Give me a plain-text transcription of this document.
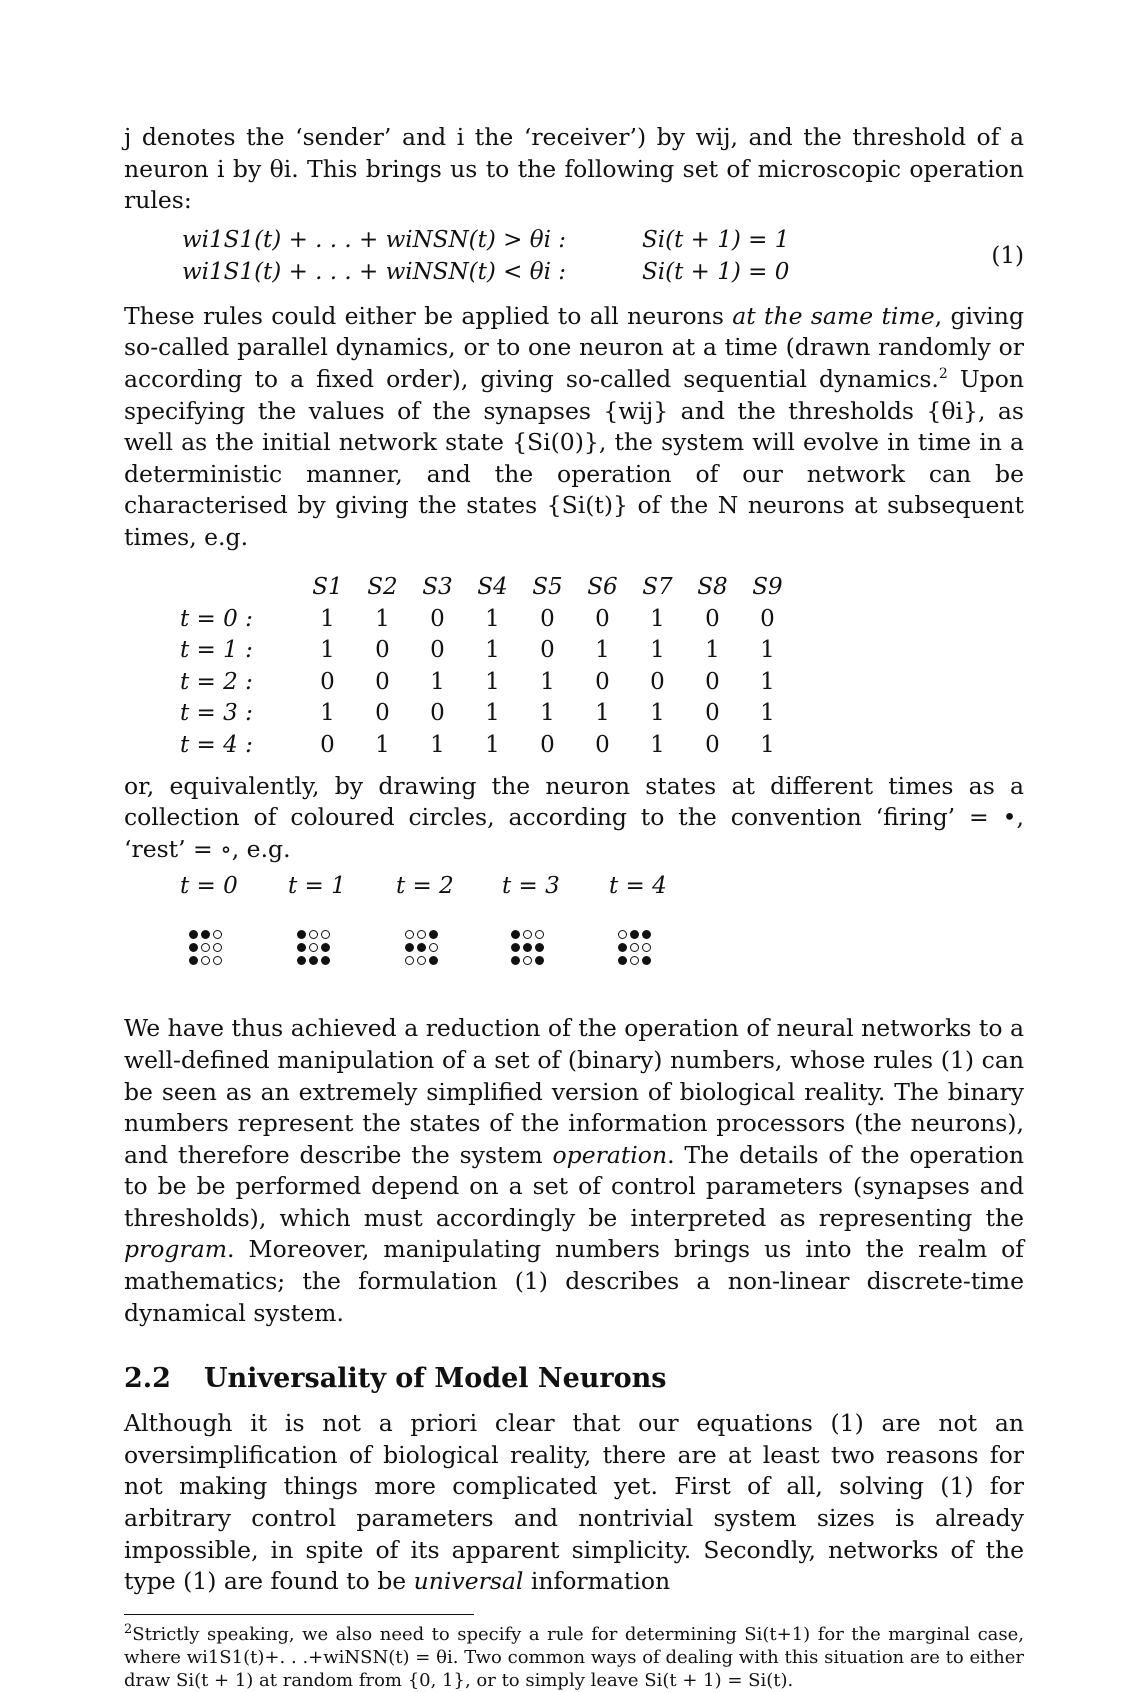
j denotes the ‘sender’ and i the ‘receiver’) by wij, and the threshold of a neuron i by θi. This brings us to the following set of microscopic operation rules:

wi1S1(t) + . . . + wiNSN(t) > θi :	Si(t + 1) = 1
wi1S1(t) + . . . + wiNSN(t) < θi :	Si(t + 1) = 0
(1)

These rules could either be applied to all neurons at the same time, giving so-called parallel dynamics, or to one neuron at a time (drawn randomly or according to a fixed order), giving so-called sequential dynamics.$^2$ Upon specifying the values of the synapses {wij} and the thresholds {θi}, as well as the initial network state {Si(0)}, the system will evolve in time in a deterministic manner, and the operation of our network can be characterised by giving the states {Si(t)} of the N neurons at subsequent times, e.g.

	S1	S2	S3	S4	S5	S6	S7	S8	S9
t = 0 :	1	1	0	1	0	0	1	0	0
t = 1 :	1	0	0	1	0	1	1	1	1
t = 2 :	0	0	1	1	1	0	0	0	1
t = 3 :	1	0	0	1	1	1	1	0	1
t = 4 :	0	1	1	1	0	0	1	0	1

or, equivalently, by drawing the neuron states at different times as a collection of coloured circles, according to the convention ‘firing’ = •, ‘rest’ = ∘, e.g.

t = 0 t = 1 t = 2 t = 3 t = 4

We have thus achieved a reduction of the operation of neural networks to a well-defined manipulation of a set of (binary) numbers, whose rules (1) can be seen as an extremely simplified version of biological reality. The binary numbers represent the states of the information processors (the neurons), and therefore describe the system operation. The details of the operation to be be performed depend on a set of control parameters (synapses and thresholds), which must accordingly be interpreted as representing the program. Moreover, manipulating numbers brings us into the realm of mathematics; the formulation (1) describes a non-linear discrete-time dynamical system.

2.2 Universality of Model Neurons

Although it is not a priori clear that our equations (1) are not an oversimplification of biological reality, there are at least two reasons for not making things more complicated yet. First of all, solving (1) for arbitrary control parameters and nontrivial system sizes is already impossible, in spite of its apparent simplicity. Secondly, networks of the type (1) are found to be universal information

$^2$Strictly speaking, we also need to specify a rule for determining Si(t+1) for the marginal case, where wi1S1(t)+. . .+wiNSN(t) = θi. Two common ways of dealing with this situation are to either draw Si(t + 1) at random from {0, 1}, or to simply leave Si(t + 1) = Si(t).
